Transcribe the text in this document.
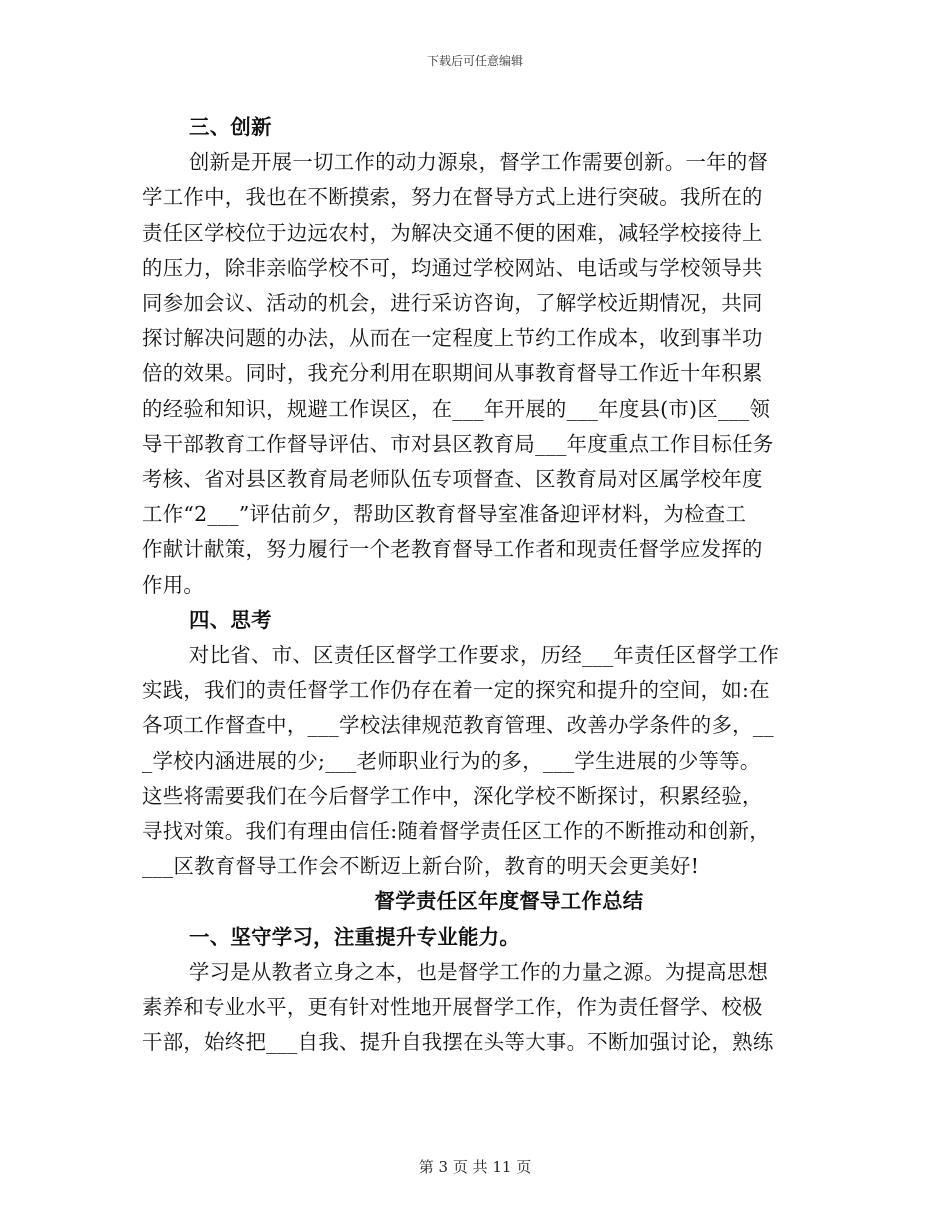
下载后可任意编辑

三、创新

创新是开展一切工作的动力源泉，督学工作需要创新。一年的督
学工作中，我也在不断摸索，努力在督导方式上进行突破。我所在的
责任区学校位于边远农村，为解决交通不便的困难，减轻学校接待上
的压力，除非亲临学校不可，均通过学校网站、电话或与学校领导共
同参加会议、活动的机会，进行采访咨询，了解学校近期情况，共同
探讨解决问题的办法，从而在一定程度上节约工作成本，收到事半功
倍的效果。同时，我充分利用在职期间从事教育督导工作近十年积累
的经验和知识，规避工作误区，在___年开展的___年度县(市)区___领
导干部教育工作督导评估、市对县区教育局___年度重点工作目标任务
考核、省对县区教育局老师队伍专项督查、区教育局对区属学校年度
工作“2___”评估前夕，帮助区教育督导室准备迎评材料，为检查工
作献计献策，努力履行一个老教育督导工作者和现责任督学应发挥的
作用。

四、思考

对比省、市、区责任区督学工作要求，历经___年责任区督学工作
实践，我们的责任督学工作仍存在着一定的探究和提升的空间，如:在
各项工作督查中，___学校法律规范教育管理、改善办学条件的多，__
_学校内涵进展的少;___老师职业行为的多，___学生进展的少等等。
这些将需要我们在今后督学工作中，深化学校不断探讨，积累经验，
寻找对策。我们有理由信任:随着督学责任区工作的不断推动和创新，
___区教育督导工作会不断迈上新台阶，教育的明天会更美好!

督学责任区年度督导工作总结

一、坚守学习，注重提升专业能力。

学习是从教者立身之本，也是督学工作的力量之源。为提高思想
素养和专业水平，更有针对性地开展督学工作，作为责任督学、校极
干部，始终把___自我、提升自我摆在头等大事。不断加强讨论，熟练

第 3 页 共 11 页
